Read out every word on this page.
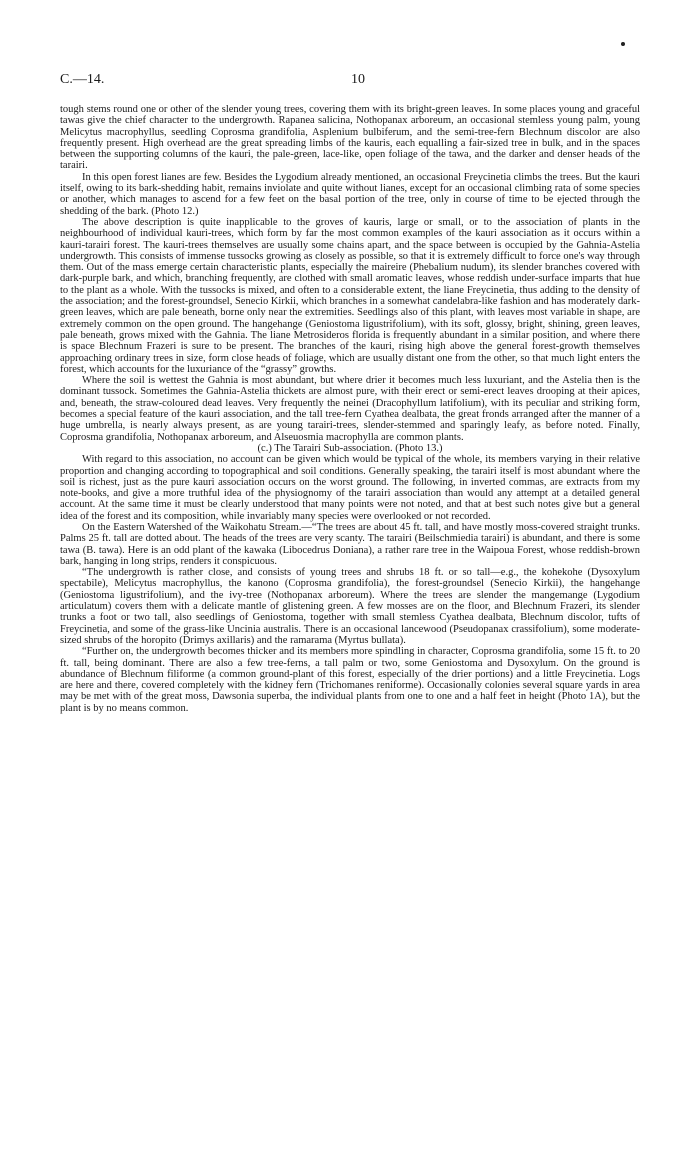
C.—14.	10

tough stems round one or other of the slender young trees, covering them with its bright-green leaves. In some places young and graceful tawas give the chief character to the undergrowth. Rapanea salicina, Nothopanax arboreum, an occasional stemless young palm, young Melicytus macrophyllus, seedling Coprosma grandifolia, Asplenium bulbiferum, and the semi-tree-fern Blechnum discolor are also frequently present. High overhead are the great spreading limbs of the kauris, each equalling a fair-sized tree in bulk, and in the spaces between the supporting columns of the kauri, the pale-green, lace-like, open foliage of the tawa, and the darker and denser heads of the tarairi.

In this open forest lianes are few. Besides the Lygodium already mentioned, an occasional Freycinetia climbs the trees. But the kauri itself, owing to its bark-shedding habit, remains inviolate and quite without lianes, except for an occasional climbing rata of some species or another, which manages to ascend for a few feet on the basal portion of the tree, only in course of time to be ejected through the shedding of the bark. (Photo 12.)

The above description is quite inapplicable to the groves of kauris, large or small, or to the association of plants in the neighbourhood of individual kauri-trees, which form by far the most common examples of the kauri association as it occurs within a kauri-tarairi forest. The kauri-trees themselves are usually some chains apart, and the space between is occupied by the Gahnia-Astelia undergrowth. This consists of immense tussocks growing as closely as possible, so that it is extremely difficult to force one's way through them. Out of the mass emerge certain characteristic plants, especially the maireire (Phebalium nudum), its slender branches covered with dark-purple bark, and which, branching frequently, are clothed with small aromatic leaves, whose reddish under-surface imparts that hue to the plant as a whole. With the tussocks is mixed, and often to a considerable extent, the liane Freycinetia, thus adding to the density of the association; and the forest-groundsel, Senecio Kirkii, which branches in a somewhat candelabra-like fashion and has moderately dark-green leaves, which are pale beneath, borne only near the extremities. Seedlings also of this plant, with leaves most variable in shape, are extremely common on the open ground. The hangehange (Geniostoma ligustrifolium), with its soft, glossy, bright, shining, green leaves, pale beneath, grows mixed with the Gahnia. The liane Metrosideros florida is frequently abundant in a similar position, and where there is space Blechnum Frazeri is sure to be present. The branches of the kauri, rising high above the general forest-growth themselves approaching ordinary trees in size, form close heads of foliage, which are usually distant one from the other, so that much light enters the forest, which accounts for the luxuriance of the “grassy” growths.

Where the soil is wettest the Gahnia is most abundant, but where drier it becomes much less luxuriant, and the Astelia then is the dominant tussock. Sometimes the Gahnia-Astelia thickets are almost pure, with their erect or semi-erect leaves drooping at their apices, and, beneath, the straw-coloured dead leaves. Very frequently the neinei (Dracophyllum latifolium), with its peculiar and striking form, becomes a special feature of the kauri association, and the tall tree-fern Cyathea dealbata, the great fronds arranged after the manner of a huge umbrella, is nearly always present, as are young tarairi-trees, slender-stemmed and sparingly leafy, as before noted. Finally, Coprosma grandifolia, Nothopanax arboreum, and Alseuosmia macrophylla are common plants.

(c.) The Tarairi Sub-association. (Photo 13.)

With regard to this association, no account can be given which would be typical of the whole, its members varying in their relative proportion and changing according to topographical and soil conditions. Generally speaking, the tarairi itself is most abundant where the soil is richest, just as the pure kauri association occurs on the worst ground. The following, in inverted commas, are extracts from my note-books, and give a more truthful idea of the physiognomy of the tarairi association than would any attempt at a detailed general account. At the same time it must be clearly understood that many points were not noted, and that at best such notes give but a general idea of the forest and its composition, while invariably many species were overlooked or not recorded.

On the Eastern Watershed of the Waikohatu Stream.—“The trees are about 45 ft. tall, and have mostly moss-covered straight trunks. Palms 25 ft. tall are dotted about. The heads of the trees are very scanty. The tarairi (Beilschmiedia tarairi) is abundant, and there is some tawa (B. tawa). Here is an odd plant of the kawaka (Libocedrus Doniana), a rather rare tree in the Waipoua Forest, whose reddish-brown bark, hanging in long strips, renders it conspicuous.

“The undergrowth is rather close, and consists of young trees and shrubs 18 ft. or so tall—e.g., the kohekohe (Dysoxylum spectabile), Melicytus macrophyllus, the kanono (Coprosma grandifolia), the forest-groundsel (Senecio Kirkii), the hangehange (Geniostoma ligustrifolium), and the ivy-tree (Nothopanax arboreum). Where the trees are slender the mangemange (Lygodium articulatum) covers them with a delicate mantle of glistening green. A few mosses are on the floor, and Blechnum Frazeri, its slender trunks a foot or two tall, also seedlings of Geniostoma, together with small stemless Cyathea dealbata, Blechnum discolor, tufts of Freycinetia, and some of the grass-like Uncinia australis. There is an occasional lancewood (Pseudopanax crassifolium), some moderate-sized shrubs of the horopito (Drimys axillaris) and the ramarama (Myrtus bullata).

“Further on, the undergrowth becomes thicker and its members more spindling in character, Coprosma grandifolia, some 15 ft. to 20 ft. tall, being dominant. There are also a few tree-ferns, a tall palm or two, some Geniostoma and Dysoxylum. On the ground is abundance of Blechnum filiforme (a common ground-plant of this forest, especially of the drier portions) and a little Freycinetia. Logs are here and there, covered completely with the kidney fern (Trichomanes reniforme). Occasionally colonies several square yards in area may be met with of the great moss, Dawsonia superba, the individual plants from one to one and a half feet in height (Photo 1A), but the plant is by no means common.
